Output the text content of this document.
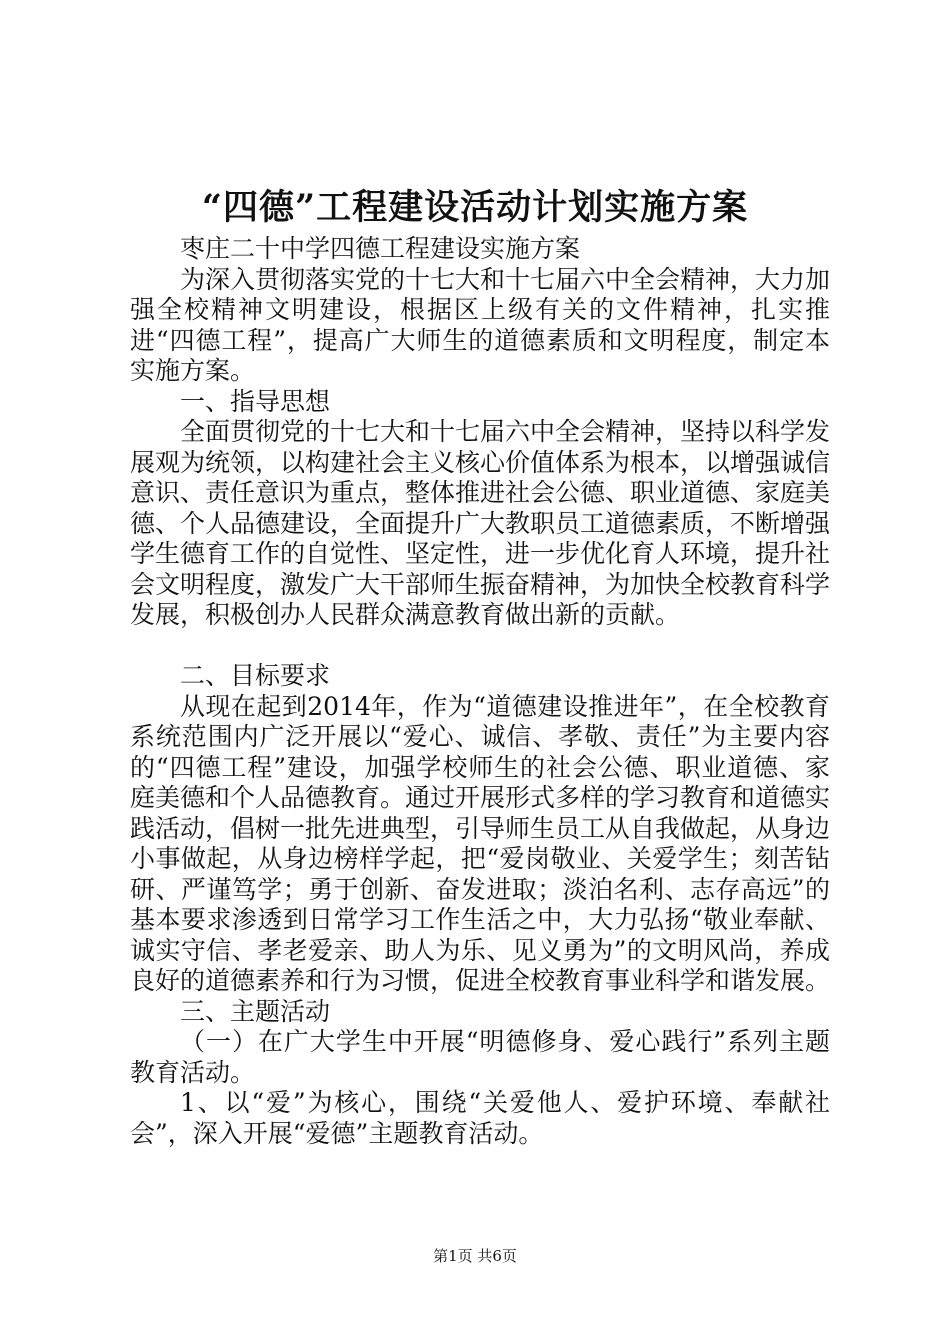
“四德”工程建设活动计划实施方案

枣庄二十中学四德工程建设实施方案

为深入贯彻落实党的十七大和十七届六中全会精神，大力加强全校精神文明建设，根据区上级有关的文件精神，扎实推进“四德工程”，提高广大师生的道德素质和文明程度，制定本实施方案。

一、指导思想

全面贯彻党的十七大和十七届六中全会精神，坚持以科学发展观为统领，以构建社会主义核心价值体系为根本，以增强诚信意识、责任意识为重点，整体推进社会公德、职业道德、家庭美德、个人品德建设，全面提升广大教职员工道德素质，不断增强学生德育工作的自觉性、坚定性，进一步优化育人环境，提升社会文明程度，激发广大干部师生振奋精神，为加快全校教育科学发展，积极创办人民群众满意教育做出新的贡献。

二、目标要求

从现在起到2014年，作为“道德建设推进年”，在全校教育系统范围内广泛开展以“爱心、诚信、孝敬、责任”为主要内容的“四德工程”建设，加强学校师生的社会公德、职业道德、家庭美德和个人品德教育。通过开展形式多样的学习教育和道德实践活动，倡树一批先进典型，引导师生员工从自我做起，从身边小事做起，从身边榜样学起，把“爱岗敬业、关爱学生；刻苦钻研、严谨笃学；勇于创新、奋发进取；淡泊名利、志存高远”的基本要求渗透到日常学习工作生活之中，大力弘扬“敬业奉献、诚实守信、孝老爱亲、助人为乐、见义勇为”的文明风尚，养成良好的道德素养和行为习惯，促进全校教育事业科学和谐发展。

三、主题活动

（一）在广大学生中开展“明德修身、爱心践行”系列主题教育活动。

1、以“爱”为核心，围绕“关爱他人、爱护环境、奉献社会”，深入开展“爱德”主题教育活动。

第1页 共6页
